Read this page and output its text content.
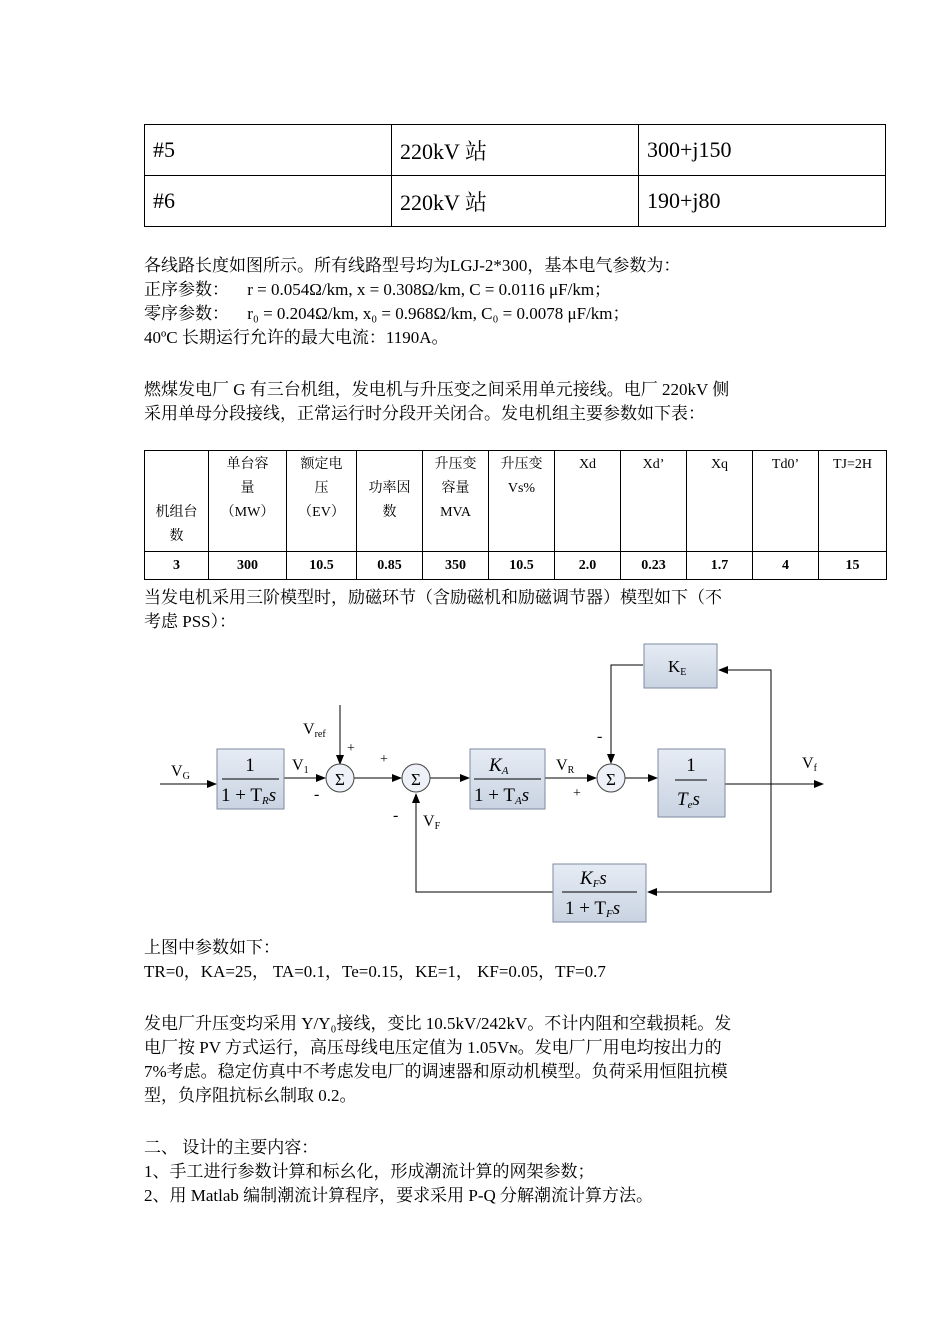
#5	220kV 站	300+j150
#6	220kV 站	190+j80
各线路长度如图所示。所有线路型号均为LGJ-2*300，基本电气参数为：
正序参数： r = 0.054Ω/km, x = 0.308Ω/km, C = 0.0116 μF/km；
零序参数： r₀ = 0.204Ω/km, x₀ = 0.968Ω/km, C₀ = 0.0078 μF/km；
40ºC 长期运行允许的最大电流：1190A。
燃煤发电厂 G 有三台机组，发电机与升压变之间采用单元接线。电厂 220kV 侧
采用单母分段接线，正常运行时分段开关闭合。发电机组主要参数如下表：

机组台
数	单台容
量
（MW）	额定电
压
（EV）	功率因
数	升压变
容量
MVA	升压变
Vs%	Xd	Xd’	Xq	Td0’	TJ=2H
3	300	10.5	0.85	350	10.5	2.0	0.23	1.7	4	15
当发电机采用三阶模型时，励磁环节（含励磁机和励磁调节器）模型如下（不
考虑 PSS）：
Σ	Σ	Σ
1
1 + TRs
KA
1 + TAs
1
Tes
KE
KFs
1 + TFs
VG
V1
Vref
VR	Vf
VF
+
-
+
-
-
+
上图中参数如下：
TR=0，KA=25， TA=0.1，Te=0.15，KE=1， KF=0.05，TF=0.7
发电厂升压变均采用 Y/Y₀接线，变比 10.5kV/242kV。不计内阻和空载损耗。发
电厂按 PV 方式运行，高压母线电压定值为 1.05Vɴ。发电厂厂用电均按出力的
7%考虑。稳定仿真中不考虑发电厂的调速器和原动机模型。负荷采用恒阻抗模
型，负序阻抗标幺制取 0.2。
二、 设计的主要内容：
1、手工进行参数计算和标幺化，形成潮流计算的网架参数；
2、用 Matlab 编制潮流计算程序，要求采用 P-Q 分解潮流计算方法。
